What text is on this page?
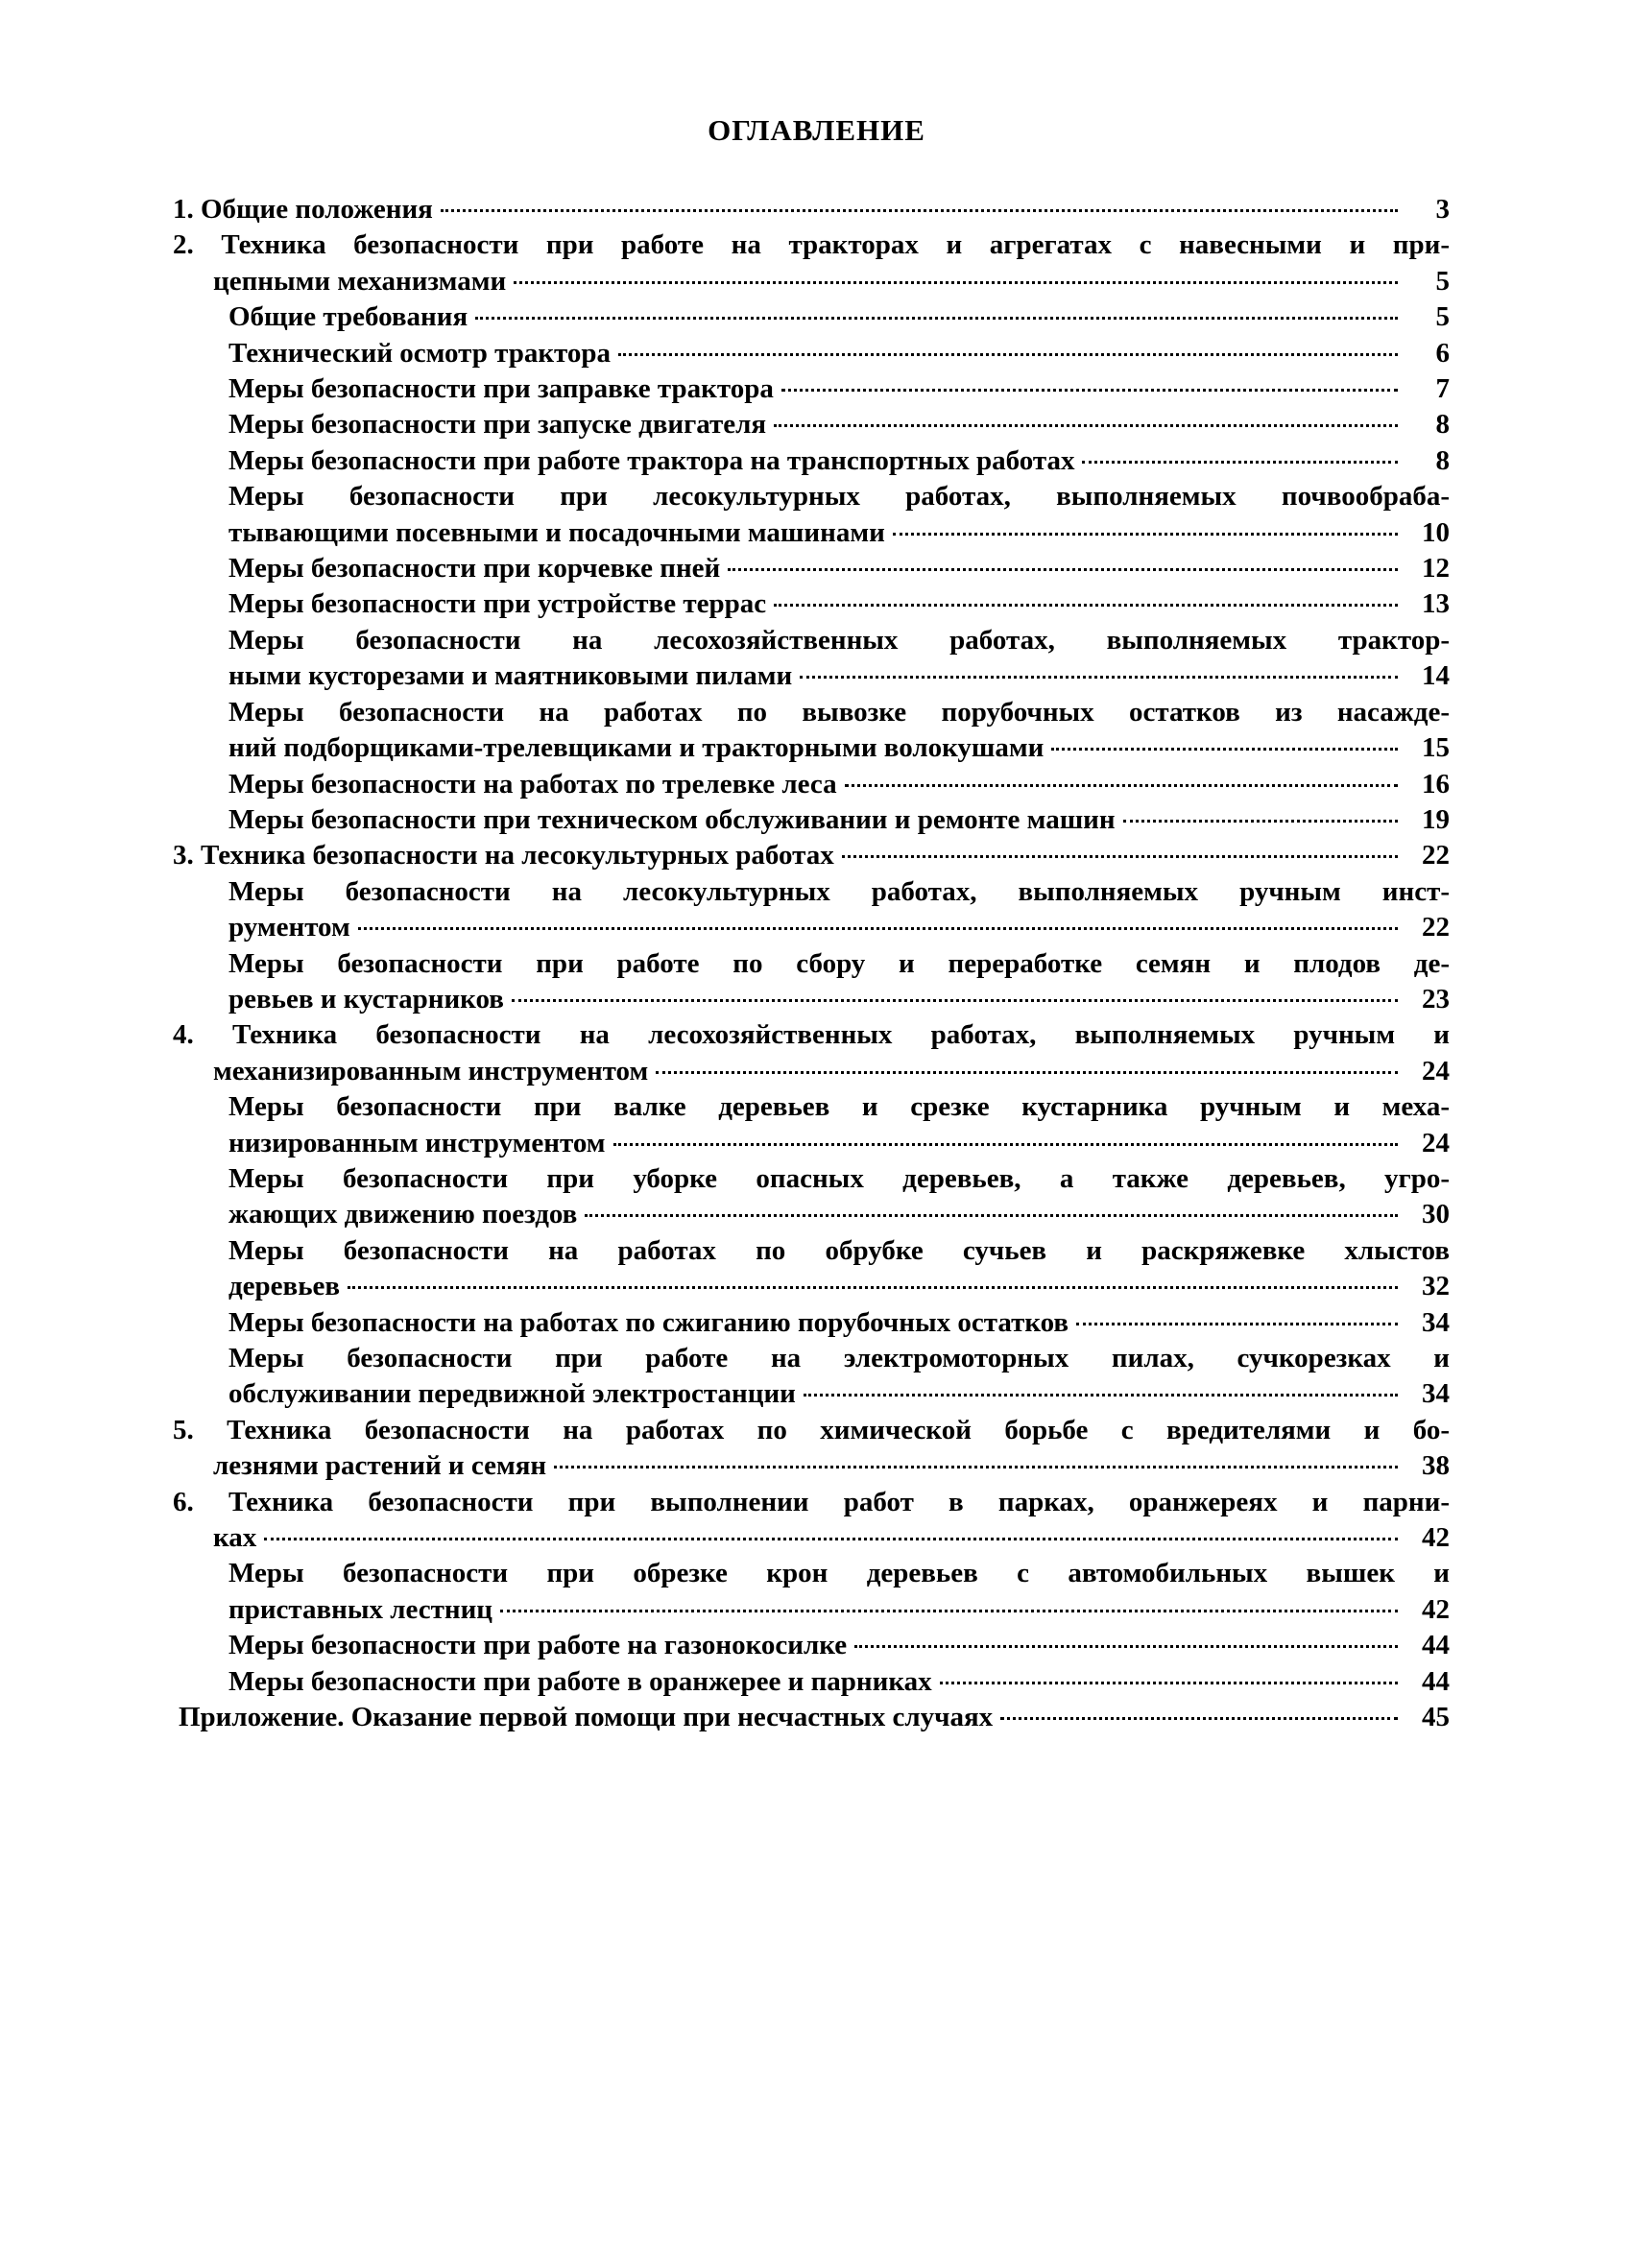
ОГЛАВЛЕНИЕ
1. Общие положения	3
2. Техника безопасности при работе на тракторах и агрегатах с навесными и при-
цепными механизмами	5
Общие требования	5
Технический осмотр трактора	6
Меры безопасности при заправке трактора	7
Меры безопасности при запуске двигателя	8
Меры безопасности при работе трактора на транспортных работах	8
Меры безопасности при лесокультурных работах, выполняемых почвообраба-
тывающими посевными и посадочными машинами	10
Меры безопасности при корчевке пней	12
Меры безопасности при устройстве террас	13
Меры безопасности на лесохозяйственных работах, выполняемых трактор-
ными кусторезами и маятниковыми пилами	14
Меры безопасности на работах по вывозке порубочных остатков из насажде-
ний подборщиками-трелевщиками и тракторными волокушами	15
Меры безопасности на работах по трелевке леса	16
Меры безопасности при техническом обслуживании и ремонте машин	19
3. Техника безопасности на лесокультурных работах	22
Меры безопасности на лесокультурных работах, выполняемых ручным инст-
рументом	22
Меры безопасности при работе по сбору и переработке семян и плодов де-
ревьев и кустарников	23
4. Техника безопасности на лесохозяйственных работах, выполняемых ручным и
механизированным инструментом	24
Меры безопасности при валке деревьев и срезке кустарника ручным и меха-
низированным инструментом	24
Меры безопасности при уборке опасных деревьев, а также деревьев, угро-
жающих движению поездов	30
Меры безопасности на работах по обрубке сучьев и раскряжевке хлыстов
деревьев	32
Меры безопасности на работах по сжиганию порубочных остатков	34
Меры безопасности при работе на электромоторных пилах, сучкорезках и
обслуживании передвижной электростанции	34
5. Техника безопасности на работах по химической борьбе с вредителями и бо-
лезнями растений и семян	38
6. Техника безопасности при выполнении работ в парках, оранжереях и парни-
ках	42
Меры безопасности при обрезке крон деревьев с автомобильных вышек и
приставных лестниц	42
Меры безопасности при работе на газонокосилке	44
Меры безопасности при работе в оранжерее и парниках	44
Приложение. Оказание первой помощи при несчастных случаях	45
